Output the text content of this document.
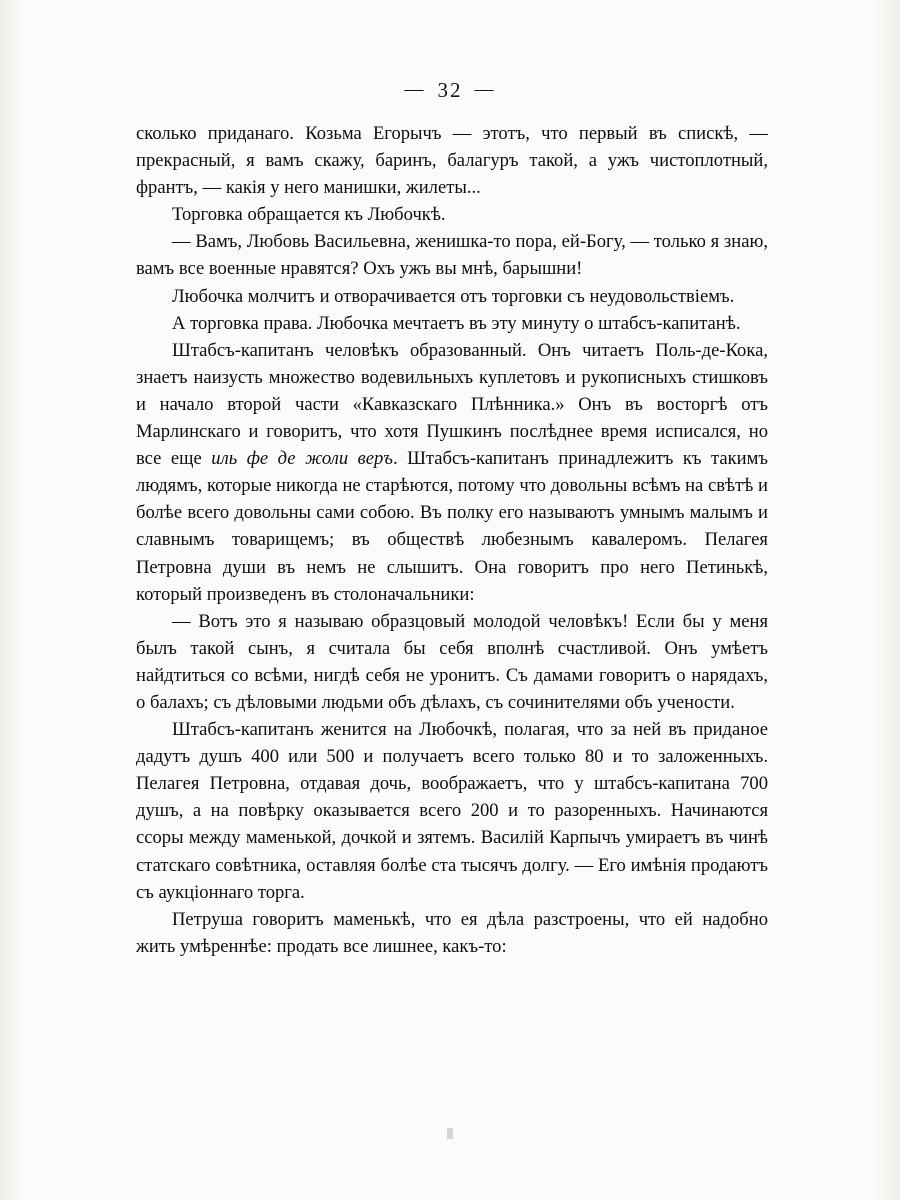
— 32 —

сколько приданаго. Козьма Егорычъ — этотъ, что первый въ спискѣ, — прекрасный, я вамъ скажу, баринъ, балагуръ такой, а ужъ чистоплотный, франтъ, — какія у него манишки, жилеты...

Торговка обращается къ Любочкѣ.

— Вамъ, Любовь Васильевна, женишка-то пора, ей-Богу, — только я знаю, вамъ все военные нравятся? Охъ ужъ вы мнѣ, барышни!

Любочка молчитъ и отворачивается отъ торговки съ неудовольствіемъ.

А торговка права. Любочка мечтаетъ въ эту минуту о штабсъ-капитанѣ.

Штабсъ-капитанъ человѣкъ образованный. Онъ читаетъ Поль-де-Кока, знаетъ наизусть множество водевильныхъ куплетовъ и рукописныхъ стишковъ и начало второй части «Кавказскаго Плѣнника.» Онъ въ восторгѣ отъ Марлинскаго и говоритъ, что хотя Пушкинъ послѣднее время исписался, но все еще иль фе де жоли веръ. Штабсъ-капитанъ принадлежитъ къ такимъ людямъ, которые никогда не старѣются, потому что довольны всѣмъ на свѣтѣ и болѣе всего довольны сами собою. Въ полку его называютъ умнымъ малымъ и славнымъ товарищемъ; въ обществѣ любезнымъ кавалеромъ. Пелагея Петровна души въ немъ не слышитъ. Она говоритъ про него Петинькѣ, который произведенъ въ столоначальники:

— Вотъ это я называю образцовый молодой человѣкъ! Если бы у меня былъ такой сынъ, я считала бы себя вполнѣ счастливой. Онъ умѣетъ найдтиться со всѣми, нигдѣ себя не уронитъ. Съ дамами говоритъ о нарядахъ, о балахъ; съ дѣловыми людьми объ дѣлахъ, съ сочинителями объ учености.

Штабсъ-капитанъ женится на Любочкѣ, полагая, что за ней въ приданое дадутъ душъ 400 или 500 и получаетъ всего только 80 и то заложенныхъ. Пелагея Петровна, отдавая дочь, воображаетъ, что у штабсъ-капитана 700 душъ, а на повѣрку оказывается всего 200 и то разоренныхъ. Начинаются ссоры между маменькой, дочкой и зятемъ. Василій Карпычъ умираетъ въ чинѣ статскаго совѣтника, оставляя болѣе ста тысячъ долгу. — Его имѣнія продаютъ съ аукціоннаго торга.

Петруша говоритъ маменькѣ, что ея дѣла разстроены, что ей надобно жить умѣреннѣе: продать все лишнее, какъ-то:
